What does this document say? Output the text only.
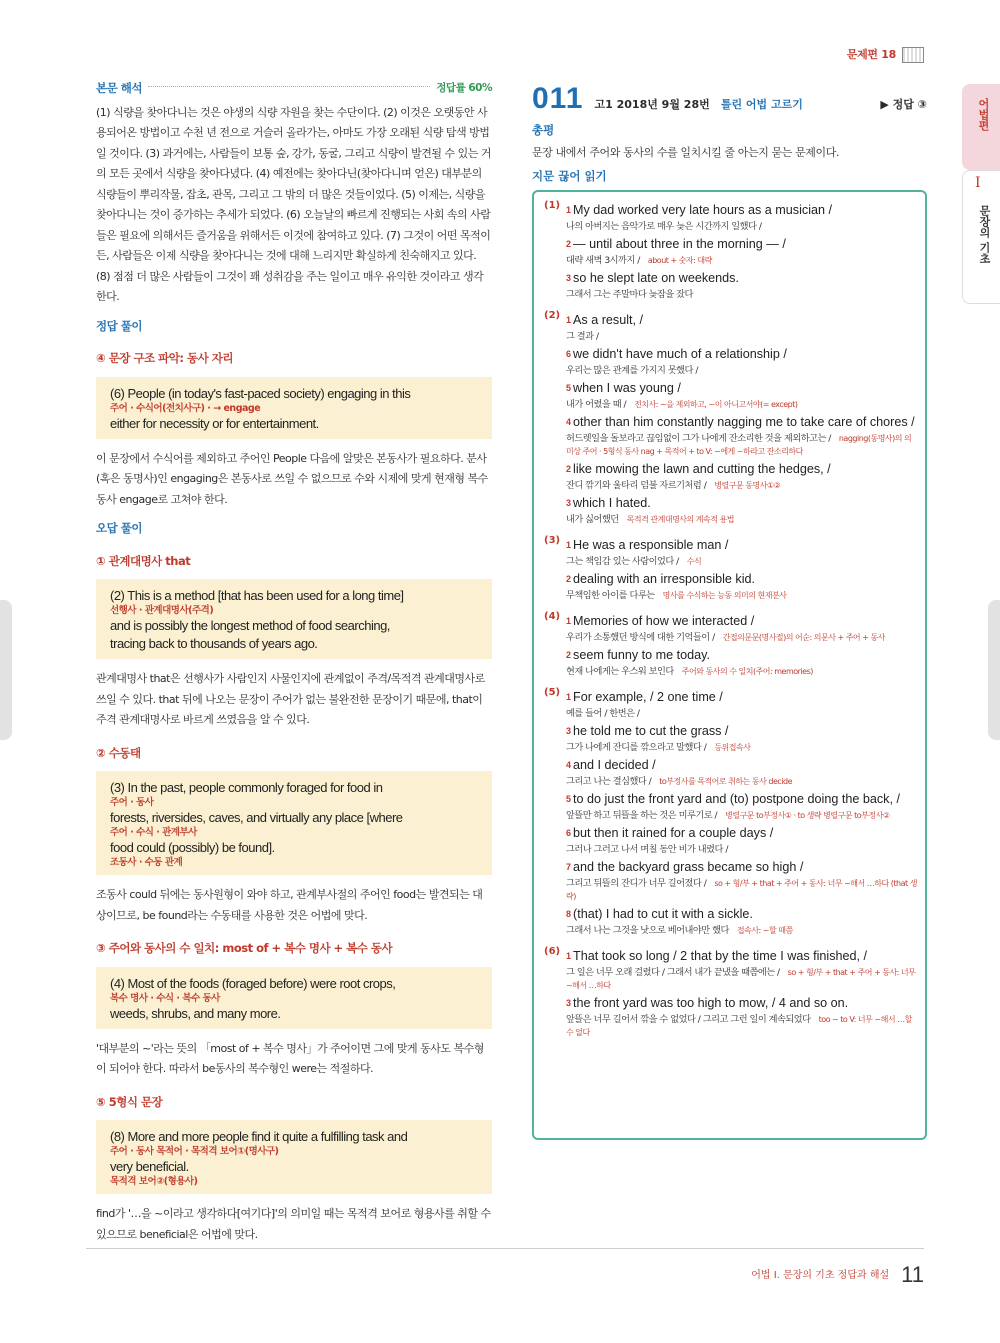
문제편 18
본문 해석	정답률 60%
(1) 식량을 찾아다니는 것은 야생의 식량 자원을 찾는 수단이다. (2) 이것은 오랫동안 사용되어온 방법이고 수천 년 전으로 거슬러 올라가는, 아마도 가장 오래된 식량 탐색 방법일 것이다. (3) 과거에는, 사람들이 보통 숲, 강가, 동굴, 그리고 식량이 발견될 수 있는 거의 모든 곳에서 식량을 찾아다녔다. (4) 예전에는 찾아다닌(찾아다니며 얻은) 대부분의 식량들이 뿌리작물, 잡초, 관목, 그리고 그 밖의 더 많은 것들이었다. (5) 이제는, 식량을 찾아다니는 것이 증가하는 추세가 되었다. (6) 오늘날의 빠르게 진행되는 사회 속의 사람들은 필요에 의해서든 즐거움을 위해서든 이것에 참여하고 있다. (7) 그것이 어떤 목적이든, 사람들은 이제 식량을 찾아다니는 것에 대해 느리지만 확실하게 친숙해지고 있다. (8) 점점 더 많은 사람들이 그것이 꽤 성취감을 주는 일이고 매우 유익한 것이라고 생각한다.
정답 풀이
④ 문장 구조 파악: 동사 자리
(6) People (in today's fast-paced society) engaging in this
주어 · 수식어(전치사구) · → engage
either for necessity or for entertainment.
이 문장에서 수식어를 제외하고 주어인 People 다음에 알맞은 본동사가 필요하다. 분사(혹은 동명사)인 engaging은 본동사로 쓰일 수 없으므로 수와 시제에 맞게 현재형 복수 동사 engage로 고쳐야 한다.
오답 풀이
① 관계대명사 that
(2) This is a method [that has been used for a long time]
선행사 · 관계대명사(주격)
and is possibly the longest method of food searching,
tracing back to thousands of years ago.
관계대명사 that은 선행사가 사람인지 사물인지에 관계없이 주격/목적격 관계대명사로 쓰일 수 있다. that 뒤에 나오는 문장이 주어가 없는 불완전한 문장이기 때문에, that이 주격 관계대명사로 바르게 쓰였음을 알 수 있다.
② 수동태
(3) In the past, people commonly foraged for food in
주어 · 동사
forests, riversides, caves, and virtually any place [where
주어 · 수식 · 관계부사
food could (possibly) be found].
조동사 · 수동 관계
조동사 could 뒤에는 동사원형이 와야 하고, 관계부사절의 주어인 food는 발견되는 대상이므로, be found라는 수동태를 사용한 것은 어법에 맞다.
③ 주어와 동사의 수 일치: most of + 복수 명사 + 복수 동사
(4) Most of the foods (foraged before) were root crops,
복수 명사 · 수식 · 복수 동사
weeds, shrubs, and many more.
'대부분의 ~'라는 뜻의 「most of + 복수 명사」가 주어이면 그에 맞게 동사도 복수형이 되어야 한다. 따라서 be동사의 복수형인 were는 적절하다.
⑤ 5형식 문장
(8) More and more people find it quite a fulfilling task and
주어 · 동사 목적어 · 목적격 보어①(명사구)
very beneficial.
목적격 보어②(형용사)
find가 '…을 ~이라고 생각하다[여기다]'의 의미일 때는 목적격 보어로 형용사를 취할 수 있으므로 beneficial은 어법에 맞다.
011 고1 2018년 9월 28번 틀린 어법 고르기	▶ 정답 ③
총평
문장 내에서 주어와 동사의 수를 일치시킬 줄 아는지 묻는 문제이다.
지문 끊어 읽기
(1) $^1$ My dad worked very late hours as a musician /
나의 아버지는 음악가로 매우 늦은 시간까지 일했다 /
$^2$ — until about three in the morning — /
대략 새벽 3시까지 / about + 숫자: 대략
$^3$ so he slept late on weekends.
그래서 그는 주말마다 늦잠을 잤다
(2) $^1$ As a result, /
그 결과 /
$^6$ we didn't have much of a relationship /
우리는 많은 관계를 가지지 못했다 /
$^5$ when I was young /
내가 어렸을 때 / 전치사: ~을 제외하고, ~이 아니고서야(= except)
$^4$ other than him constantly nagging me to take care of chores /
허드렛일을 돌보라고 끊임없이 그가 나에게 잔소리한 것을 제외하고는 / nagging(동명사)의 의미상 주어 · 5형식 동사 nag + 목적어 + to V: ~에게 ~하라고 잔소리하다
$^2$ like mowing the lawn and cutting the hedges, /
잔디 깎기와 울타리 덤불 자르기처럼 / 병렬구문 동명사①②
$^3$ which I hated.
내가 싫어했던 목적격 관계대명사의 계속적 용법
(3) $^1$ He was a responsible man /
그는 책임감 있는 사람이었다 / 수식
$^2$ dealing with an irresponsible kid.
무책임한 아이를 다루는 명사를 수식하는 능동 의미의 현재분사
(4) $^1$ Memories of how we interacted /
우리가 소통했던 방식에 대한 기억들이 / 간접의문문(명사절)의 어순: 의문사 + 주어 + 동사
$^2$ seem funny to me today.
현재 나에게는 우스워 보인다 주어와 동사의 수 일치(주어: memories)
(5) $^1$ For example, / 2 one time /
예를 들어 / 한번은 /
$^3$ he told me to cut the grass /
그가 나에게 잔디를 깎으라고 말했다 / 등위접속사
$^4$ and I decided /
그리고 나는 결심했다 / to부정사를 목적어로 취하는 동사 decide
$^5$ to do just the front yard and (to) postpone doing the back, /
앞뜰만 하고 뒤뜰을 하는 것은 미루기로 / 병렬구문 to부정사① · to 생략 병렬구문 to부정사②
$^6$ but then it rained for a couple days /
그러나 그러고 나서 며칠 동안 비가 내렸다 /
$^7$ and the backyard grass became so high /
그리고 뒤뜰의 잔디가 너무 길어졌다 / so + 형/부 + that + 주어 + 동사: 너무 ~해서 …하다 (that 생략)
$^8$ (that) I had to cut it with a sickle.
그래서 나는 그것을 낫으로 베어내야만 했다 접속사: ~할 때쯤
(6) $^1$ That took so long / 2 that by the time I was finished, /
그 일은 너무 오래 걸렸다 / 그래서 내가 끝냈을 때쯤에는 / so + 형/부 + that + 주어 + 동사: 너무 ~해서 …하다
$^3$ the front yard was too high to mow, / 4 and so on.
앞뜰은 너무 길어서 깎을 수 없었다 / 그리고 그런 일이 계속되었다 too ~ to V: 너무 ~해서 …할 수 없다
어법편
I
문장의 기초
어법 I. 문장의 기초 정답과 해설 11
